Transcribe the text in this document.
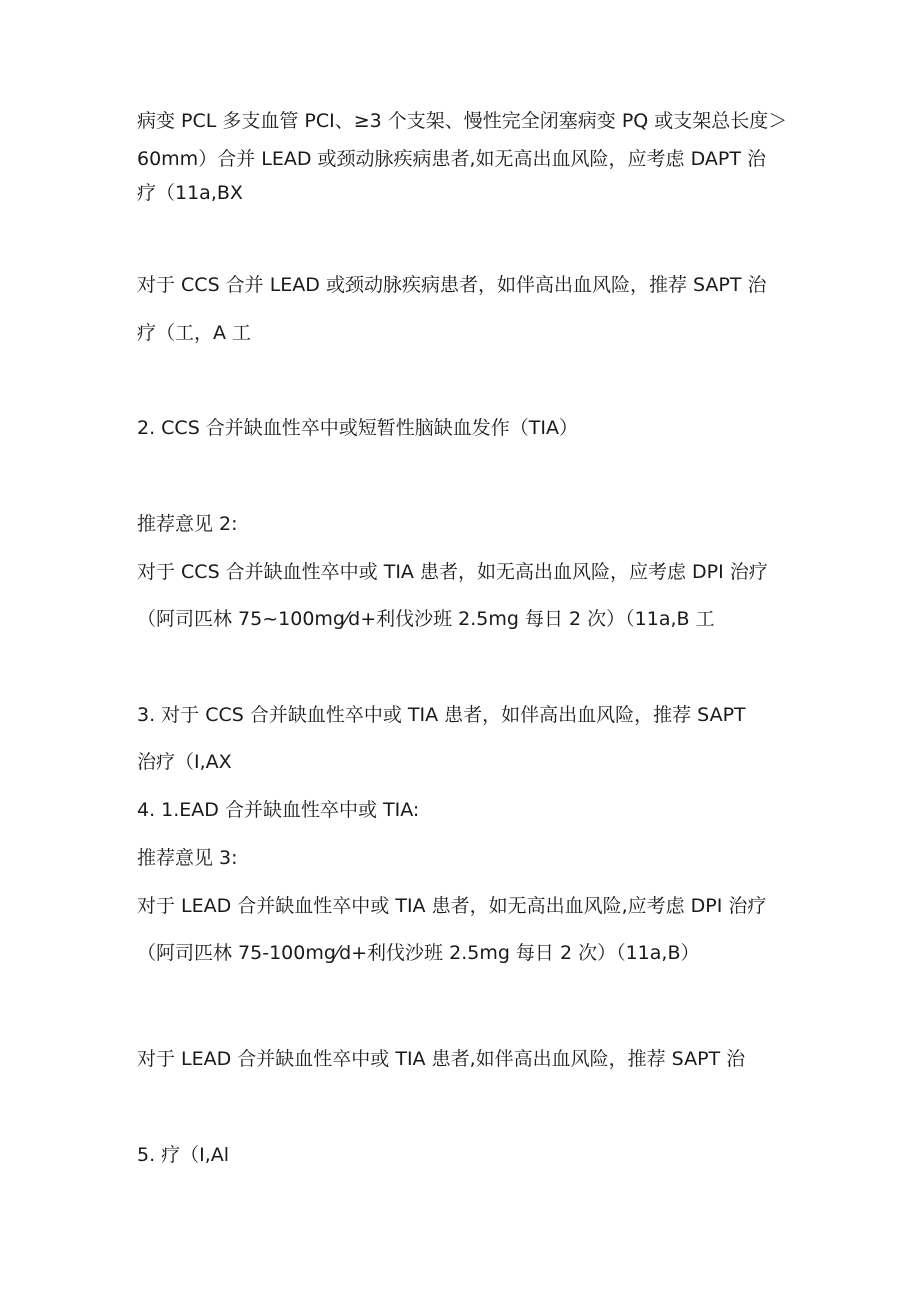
病变 PCL 多支血管 PCI、≥3 个支架、慢性完全闭塞病变 PQ 或支架总长度＞
60mm）合并 LEAD 或颈动脉疾病患者,如无高出血风险，应考虑 DAPT 治
疗（11a,BX
对于 CCS 合并 LEAD 或颈动脉疾病患者，如伴高出血风险，推荐 SAPT 治
疗（工，A 工
2. CCS 合并缺血性卒中或短暂性脑缺血发作（TIA）
推荐意见 2:
对于 CCS 合并缺血性卒中或 TIA 患者，如无高出血风险，应考虑 DPI 治疗
（阿司匹林 75~100mg⁄d+利伐沙班 2.5mg 每日 2 次）（11a,B 工
3. 对于 CCS 合并缺血性卒中或 TIA 患者，如伴高出血风险，推荐 SAPT
治疗（I,AX
4. 1.EAD 合并缺血性卒中或 TIA:
推荐意见 3:
对于 LEAD 合并缺血性卒中或 TIA 患者，如无高出血风险,应考虑 DPI 治疗
（阿司匹林 75-100mg⁄d+利伐沙班 2.5mg 每日 2 次）（11a,B）
对于 LEAD 合并缺血性卒中或 TIA 患者,如伴高出血风险，推荐 SAPT 治
5. 疗（I,Al
